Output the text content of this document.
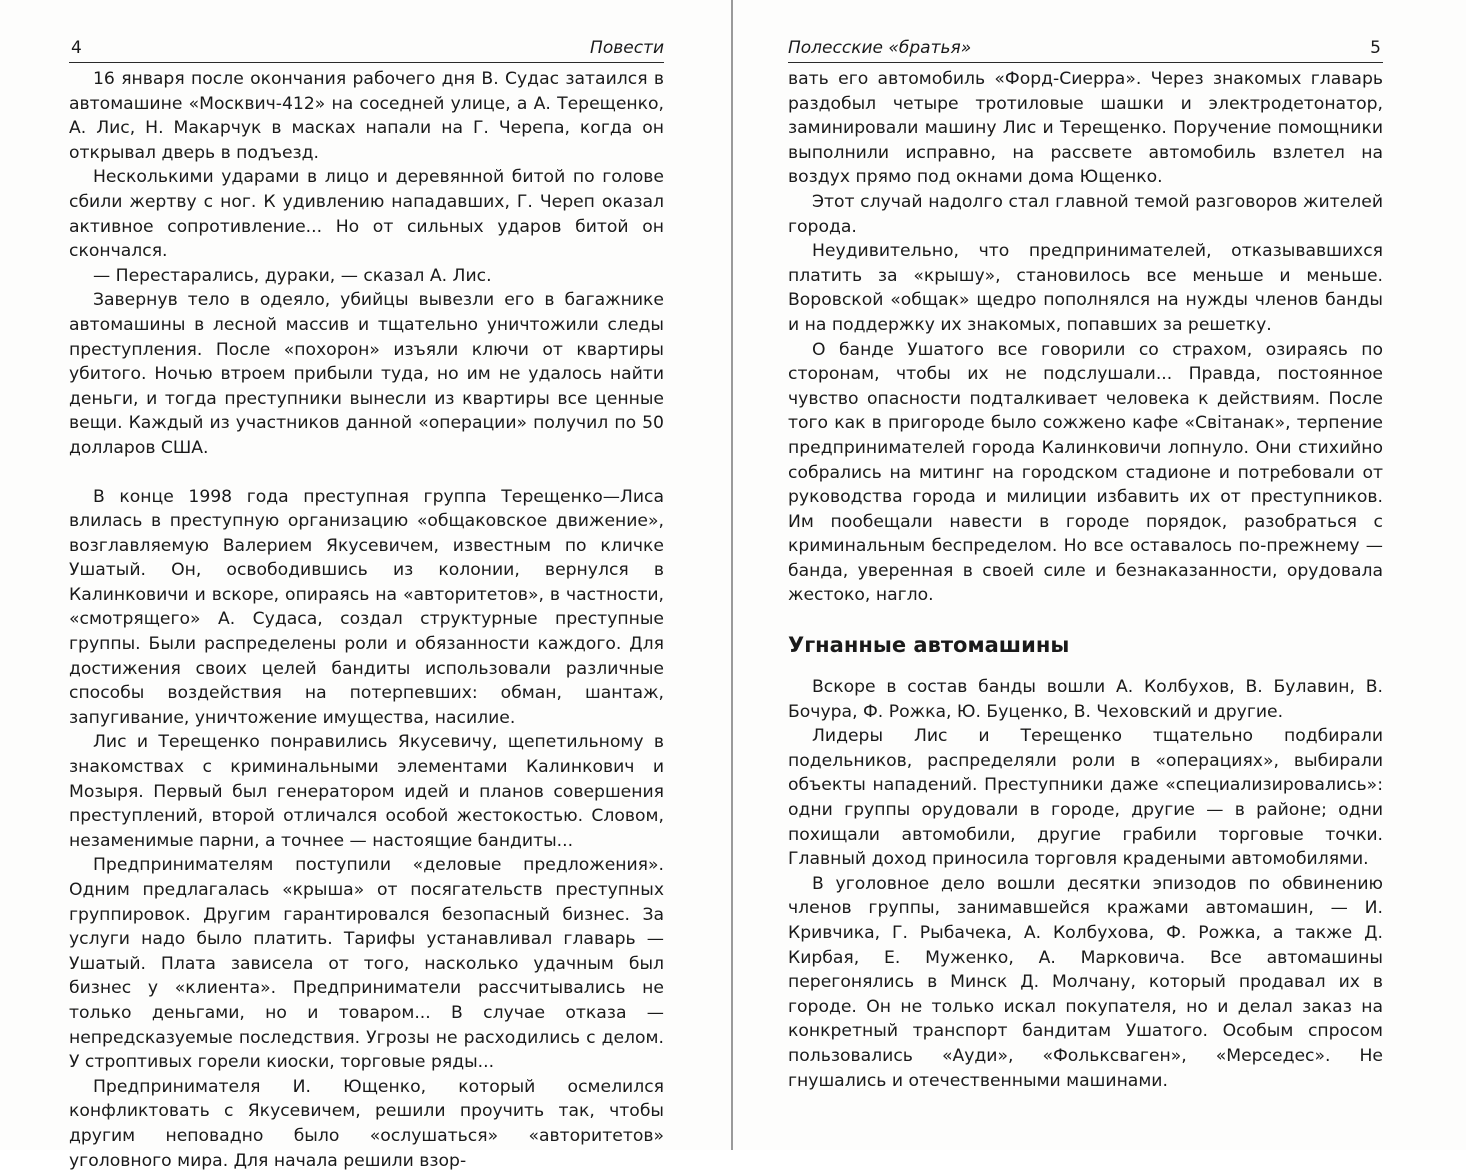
4	Повести

16 января после окончания рабочего дня В. Судас затаился в автомашине «Москвич-412» на соседней улице, а А. Терещенко, А. Лис, Н. Макарчук в масках напали на Г. Черепа, когда он открывал дверь в подъезд.

Несколькими ударами в лицо и деревянной битой по голове сбили жертву с ног. К удивлению нападавших, Г. Череп оказал активное сопротивление... Но от сильных ударов битой он скончался.

— Перестарались, дураки, — сказал А. Лис.

Завернув тело в одеяло, убийцы вывезли его в багажнике автомашины в лесной массив и тщательно уничтожили следы преступления. После «похорон» изъяли ключи от квартиры убитого. Ночью втроем прибыли туда, но им не удалось найти деньги, и тогда преступники вынесли из квартиры все ценные вещи. Каждый из участников данной «операции» получил по 50 долларов США.

В конце 1998 года преступная группа Терещенко—Лиса влилась в преступную организацию «общаковское движение», возглавляемую Валерием Якусевичем, известным по кличке Ушатый. Он, освободившись из колонии, вернулся в Калинковичи и вскоре, опираясь на «авторитетов», в частности, «смотрящего» А. Судаса, создал структурные преступные группы. Были распределены роли и обязанности каждого. Для достижения своих целей бандиты использовали различные способы воздействия на потерпевших: обман, шантаж, запугивание, уничтожение имущества, насилие.

Лис и Терещенко понравились Якусевичу, щепетильному в знакомствах с криминальными элементами Калинкович и Мозыря. Первый был генератором идей и планов совершения преступлений, второй отличался особой жестокостью. Словом, незаменимые парни, а точнее — настоящие бандиты...

Предпринимателям поступили «деловые предложения». Одним предлагалась «крыша» от посягательств преступных группировок. Другим гарантировался безопасный бизнес. За услуги надо было платить. Тарифы устанавливал главарь — Ушатый. Плата зависела от того, насколько удачным был бизнес у «клиента». Предприниматели рассчитывались не только деньгами, но и товаром... В случае отказа — непредсказуемые последствия. Угрозы не расходились с делом. У строптивых горели киоски, торговые ряды...

Предпринимателя И. Ющенко, который осмелился конфликтовать с Якусевичем, решили проучить так, чтобы другим неповадно было «ослушаться» «авторитетов» уголовного мира. Для начала решили взор-

Полесские «братья»	5

вать его автомобиль «Форд-Сиерра». Через знакомых главарь раздобыл четыре тротиловые шашки и электродетонатор, заминировали машину Лис и Терещенко. Поручение помощники выполнили исправно, на рассвете автомобиль взлетел на воздух прямо под окнами дома Ющенко.

Этот случай надолго стал главной темой разговоров жителей города.

Неудивительно, что предпринимателей, отказывавшихся платить за «крышу», становилось все меньше и меньше. Воровской «общак» щедро пополнялся на нужды членов банды и на поддержку их знакомых, попавших за решетку.

О банде Ушатого все говорили со страхом, озираясь по сторонам, чтобы их не подслушали... Правда, постоянное чувство опасности подталкивает человека к действиям. После того как в пригороде было сожжено кафе «Світанак», терпение предпринимателей города Калинковичи лопнуло. Они стихийно собрались на митинг на городском стадионе и потребовали от руководства города и милиции избавить их от преступников. Им пообещали навести в городе порядок, разобраться с криминальным беспределом. Но все оставалось по-прежнему — банда, уверенная в своей силе и безнаказанности, орудовала жестоко, нагло.

Угнанные автомашины

Вскоре в состав банды вошли А. Колбухов, В. Булавин, В. Бочура, Ф. Рожка, Ю. Буценко, В. Чеховский и другие.

Лидеры Лис и Терещенко тщательно подбирали подельников, распределяли роли в «операциях», выбирали объекты нападений. Преступники даже «специализировались»: одни группы орудовали в городе, другие — в районе; одни похищали автомобили, другие грабили торговые точки. Главный доход приносила торговля крадеными автомобилями.

В уголовное дело вошли десятки эпизодов по обвинению членов группы, занимавшейся кражами автомашин, — И. Кривчика, Г. Рыбачека, А. Колбухова, Ф. Рожка, а также Д. Кирбая, Е. Муженко, А. Марковича. Все автомашины перегонялись в Минск Д. Молчану, который продавал их в городе. Он не только искал покупателя, но и делал заказ на конкретный транспорт бандитам Ушатого. Особым спросом пользовались «Ауди», «Фольксваген», «Мерседес». Не гнушались и отечественными машинами.
